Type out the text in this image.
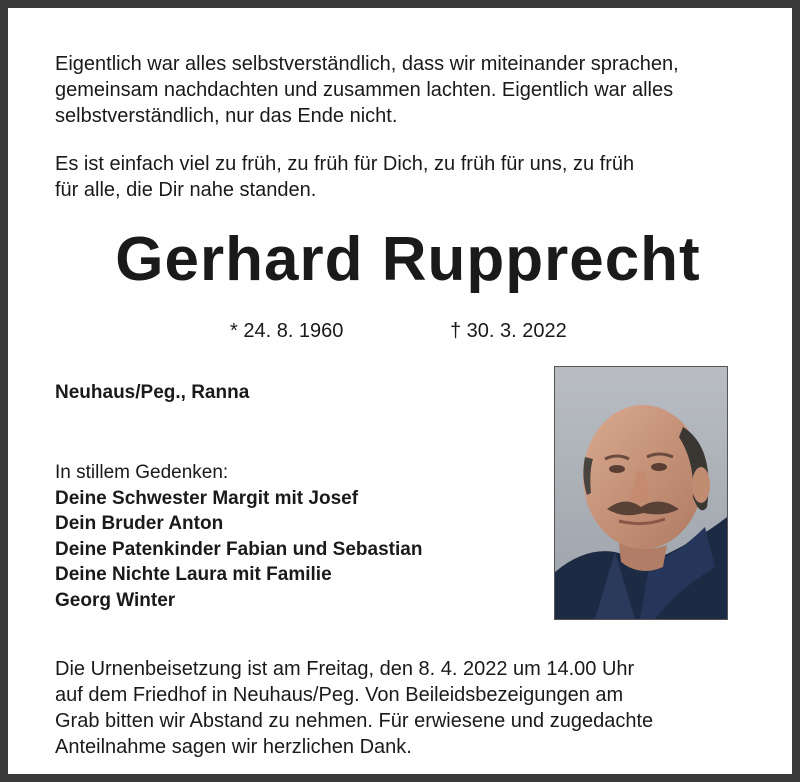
Eigentlich war alles selbstverständlich, dass wir miteinander sprachen,
gemeinsam nachdachten und zusammen lachten. Eigentlich war alles
selbstverständlich, nur das Ende nicht.

Es ist einfach viel zu früh, zu früh für Dich, zu früh für uns, zu früh
für alle, die Dir nahe standen.

Gerhard Rupprecht
* 24. 8. 1960	† 30. 3. 2022
Neuhaus/Peg., Ranna
In stillem Gedenken:

Deine Schwester Margit mit Josef
Dein Bruder Anton
Deine Patenkinder Fabian und Sebastian
Deine Nichte Laura mit Familie
Georg Winter

Die Urnenbeisetzung ist am Freitag, den 8. 4. 2022 um 14.00 Uhr
auf dem Friedhof in Neuhaus/Peg. Von Beileidsbezeigungen am
Grab bitten wir Abstand zu nehmen. Für erwiesene und zugedachte
Anteilnahme sagen wir herzlichen Dank.
